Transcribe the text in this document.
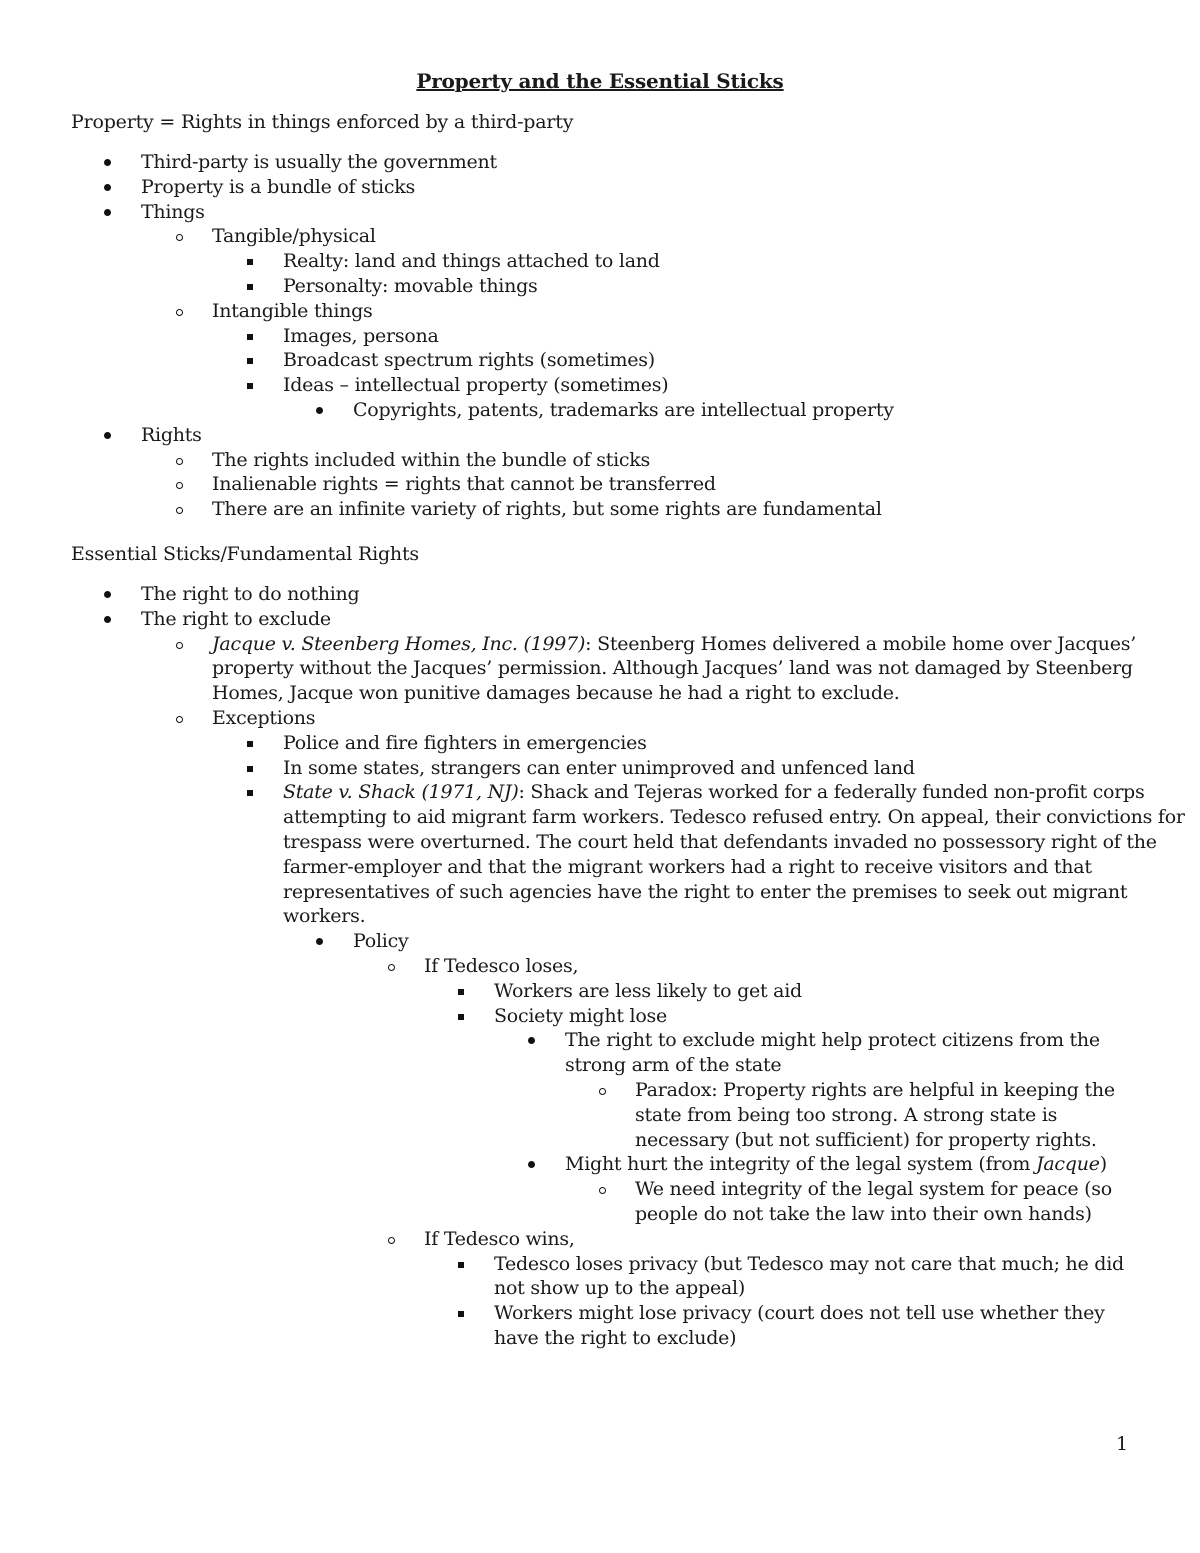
Property and the Essential Sticks
Property = Rights in things enforced by a third-party
Third-party is usually the government
Property is a bundle of sticks
Things
Tangible/physical
Realty: land and things attached to land
Personalty: movable things
Intangible things
Images, persona
Broadcast spectrum rights (sometimes)
Ideas – intellectual property (sometimes)
Copyrights, patents, trademarks are intellectual property
Rights
The rights included within the bundle of sticks
Inalienable rights = rights that cannot be transferred
There are an infinite variety of rights, but some rights are fundamental
Essential Sticks/Fundamental Rights
The right to do nothing
The right to exclude
Jacque v. Steenberg Homes, Inc. (1997): Steenberg Homes delivered a mobile home over Jacques’ property without the Jacques’ permission. Although Jacques’ land was not damaged by Steenberg Homes, Jacque won punitive damages because he had a right to exclude.
Exceptions
Police and fire fighters in emergencies
In some states, strangers can enter unimproved and unfenced land
State v. Shack (1971, NJ): Shack and Tejeras worked for a federally funded non-profit corps attempting to aid migrant farm workers. Tedesco refused entry. On appeal, their convictions for trespass were overturned. The court held that defendants invaded no possessory right of the farmer-employer and that the migrant workers had a right to receive visitors and that representatives of such agencies have the right to enter the premises to seek out migrant workers.
Policy
If Tedesco loses,
Workers are less likely to get aid
Society might lose
The right to exclude might help protect citizens from the strong arm of the state
Paradox: Property rights are helpful in keeping the state from being too strong. A strong state is necessary (but not sufficient) for property rights.
Might hurt the integrity of the legal system (from Jacque)
We need integrity of the legal system for peace (so people do not take the law into their own hands)
If Tedesco wins,
Tedesco loses privacy (but Tedesco may not care that much; he did not show up to the appeal)
Workers might lose privacy (court does not tell use whether they have the right to exclude)
1
